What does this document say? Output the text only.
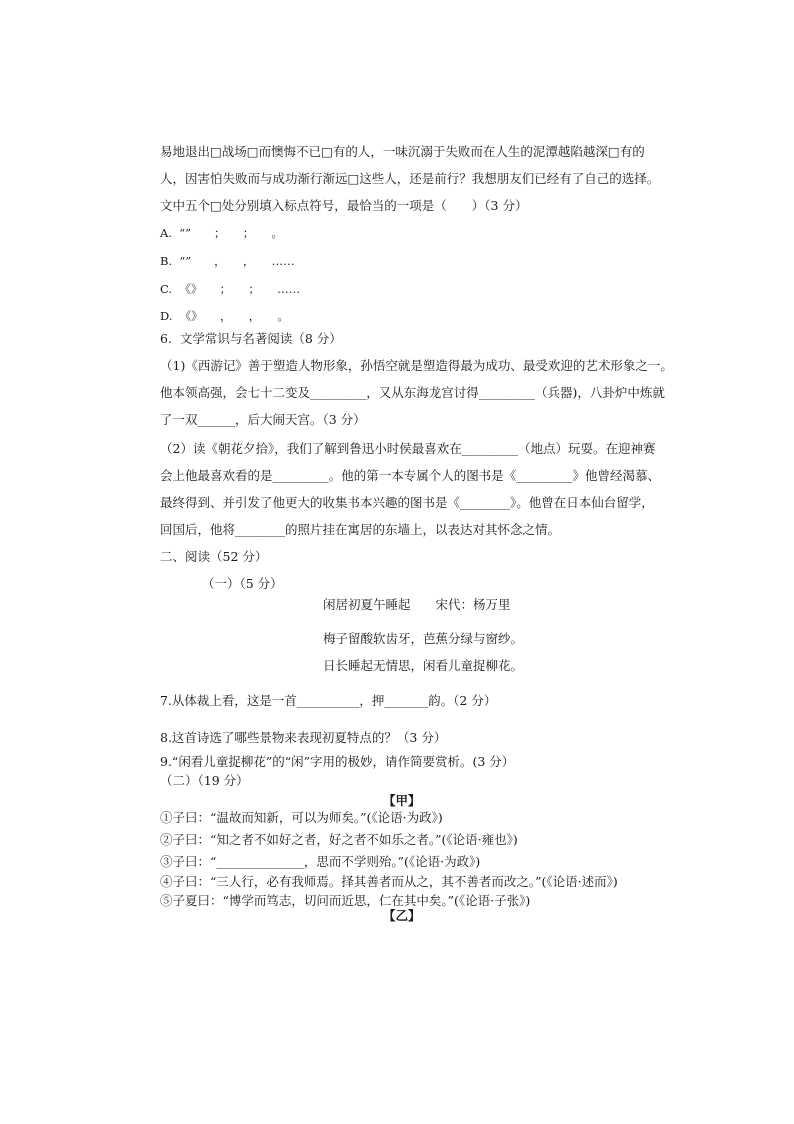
易地退出□战场□而懊悔不已□有的人，一味沉溺于失败而在人生的泥潭越陷越深□有的
人，因害怕失败而与成功渐行渐远□这些人，还是前行？我想朋友们已经有了自己的选择。
文中五个□处分别填入标点符号，最恰当的一项是（　　）（3 分）
A.  “”　　；　　；　　。
B.  “”　　，　　，　　……
C.  《》　　；　　；　　……
D.  《》　　，　　，　　。
6.  文学常识与名著阅读（8 分）
（1)《西游记》善于塑造人物形象，孙悟空就是塑造得最为成功、最受欢迎的艺术形象之一。
他本领高强，会七十二变及_________，又从东海龙宫讨得_________（兵器)，八卦炉中炼就
了一双______，后大闹天宫。（3 分）
（2）读《朝花夕拾》，我们了解到鲁迅小时侯最喜欢在_________（地点）玩耍。在迎神赛
会上他最喜欢看的是_________。他的第一本专属个人的图书是《_________》他曾经渴慕、
最终得到、并引发了他更大的收集书本兴趣的图书是《________》。他曾在日本仙台留学，
回国后，他将________的照片挂在寓居的东墙上，以表达对其怀念之情。
二、阅读（52 分）
（一）（5 分）
闲居初夏午睡起　　宋代：杨万里
梅子留酸软齿牙，芭蕉分绿与窗纱。
日长睡起无情思，闲看儿童捉柳花。
7.从体裁上看，这是一首__________，押_______韵。（2 分）
8.这首诗选了哪些景物来表现初夏特点的？（3 分）
9.“闲看儿童捉柳花”的“闲”字用的极妙，请作简要赏析。(3 分）
（二）（19 分）
【甲】
①子曰：“温故而知新，可以为师矣。”(《论语·为政》)
②子曰：“知之者不如好之者，好之者不如乐之者。”(《论语·雍也》)
③子曰：“______________，思而不学则殆。”(《论语·为政》)
④子曰：“三人行，必有我师焉。择其善者而从之，其不善者而改之。”(《论语·述而》)
⑤子夏曰：“博学而笃志，切问而近思，仁在其中矣。”(《论语·子张》)
【乙】
